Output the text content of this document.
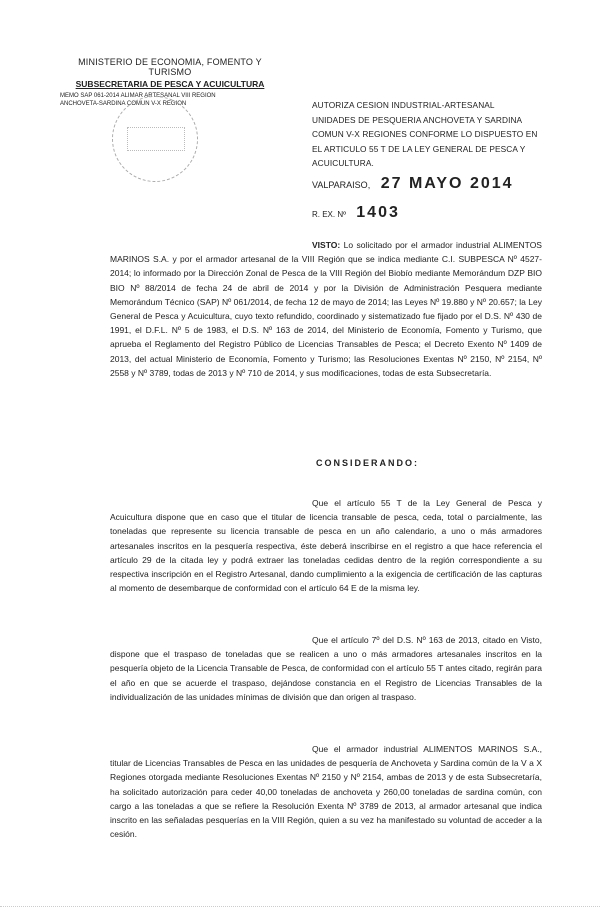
MINISTERIO DE ECONOMIA, FOMENTO Y TURISMO
SUBSECRETARIA DE PESCA Y ACUICULTURA
MEMO SAP 061-2014 ALIMAR ARTESANAL VIII REGION
ANCHOVETA-SARDINA COMUN V-X REGION	AUTORIZA CESION INDUSTRIAL-ARTESANAL UNIDADES DE PESQUERIA ANCHOVETA Y SARDINA COMUN V-X REGIONES CONFORME LO DISPUESTO EN EL ARTICULO 55 T DE LA LEY GENERAL DE PESCA Y ACUICULTURA.
VALPARAISO, 27 MAYO 2014
R. EX. Nº 1403
VISTO: Lo solicitado por el armador industrial ALIMENTOS MARINOS S.A. y por el armador artesanal de la VIII Región que se indica mediante C.I. SUBPESCA Nº 4527-2014; lo informado por la Dirección Zonal de Pesca de la VIII Región del Biobío mediante Memorándum DZP BIO BIO Nº 88/2014 de fecha 24 de abril de 2014 y por la División de Administración Pesquera mediante Memorándum Técnico (SAP) Nº 061/2014, de fecha 12 de mayo de 2014; las Leyes Nº 19.880 y Nº 20.657; la Ley General de Pesca y Acuicultura, cuyo texto refundido, coordinado y sistematizado fue fijado por el D.S. Nº 430 de 1991, el D.F.L. Nº 5 de 1983, el D.S. Nº 163 de 2014, del Ministerio de Economía, Fomento y Turismo, que aprueba el Reglamento del Registro Público de Licencias Transables de Pesca; el Decreto Exento Nº 1409 de 2013, del actual Ministerio de Economía, Fomento y Turismo; las Resoluciones Exentas Nº 2150, Nº 2154, Nº 2558 y Nº 3789, todas de 2013 y Nº 710 de 2014, y sus modificaciones, todas de esta Subsecretaría.
CONSIDERANDO:
Que el artículo 55 T de la Ley General de Pesca y Acuicultura dispone que en caso que el titular de licencia transable de pesca, ceda, total o parcialmente, las toneladas que represente su licencia transable de pesca en un año calendario, a uno o más armadores artesanales inscritos en la pesquería respectiva, éste deberá inscribirse en el registro a que hace referencia el artículo 29 de la citada ley y podrá extraer las toneladas cedidas dentro de la región correspondiente a su respectiva inscripción en el Registro Artesanal, dando cumplimiento a la exigencia de certificación de las capturas al momento de desembarque de conformidad con el artículo 64 E de la misma ley.
Que el artículo 7º del D.S. Nº 163 de 2013, citado en Visto, dispone que el traspaso de toneladas que se realicen a uno o más armadores artesanales inscritos en la pesquería objeto de la Licencia Transable de Pesca, de conformidad con el artículo 55 T antes citado, regirán para el año en que se acuerde el traspaso, dejándose constancia en el Registro de Licencias Transables de la individualización de las unidades mínimas de división que dan origen al traspaso.
Que el armador industrial ALIMENTOS MARINOS S.A., titular de Licencias Transables de Pesca en las unidades de pesquería de Anchoveta y Sardina común de la V a X Regiones otorgada mediante Resoluciones Exentas Nº 2150 y Nº 2154, ambas de 2013 y de esta Subsecretaría, ha solicitado autorización para ceder 40,00 toneladas de anchoveta y 260,00 toneladas de sardina común, con cargo a las toneladas a que se refiere la Resolución Exenta Nº 3789 de 2013, al armador artesanal que indica inscrito en las señaladas pesquerías en la VIII Región, quien a su vez ha manifestado su voluntad de acceder a la cesión.
